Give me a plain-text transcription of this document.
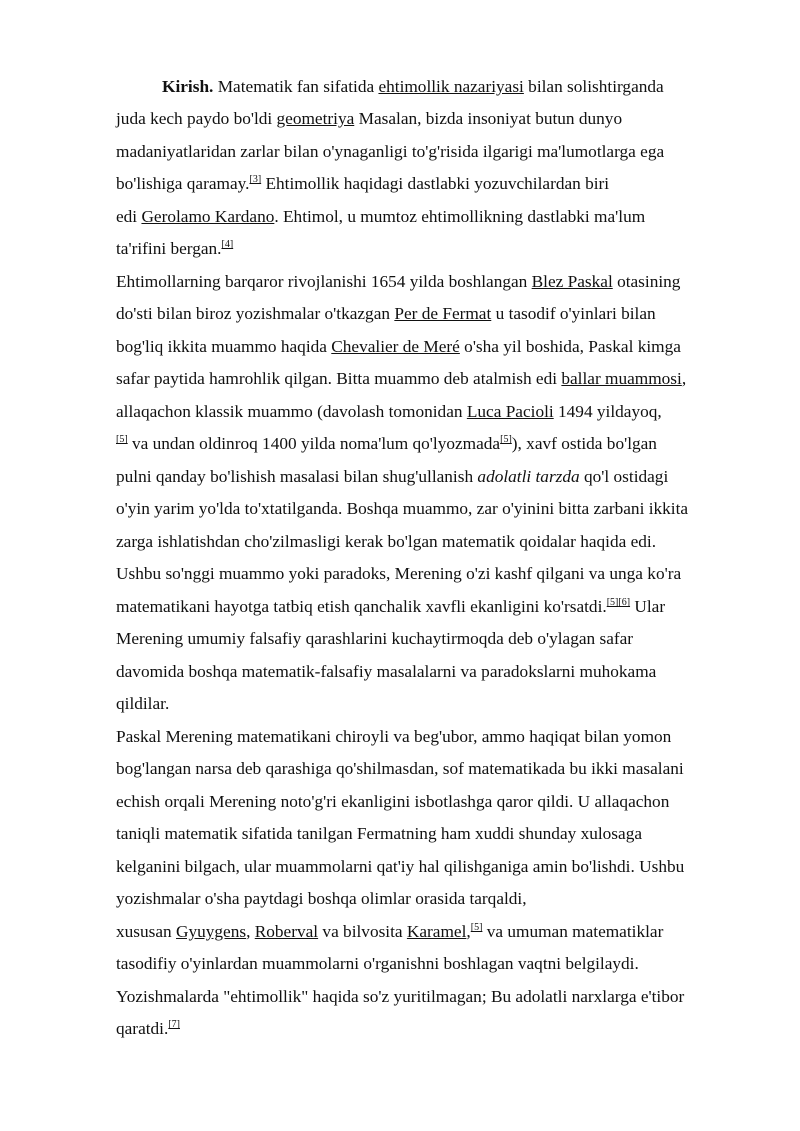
Kirish. Matematik fan sifatida ehtimollik nazariyasi bilan solishtirganda
juda kech paydo bo'ldi geometriya Masalan, bizda insoniyat butun dunyo
madaniyatlaridan zarlar bilan o'ynaganligi to'g'risida ilgarigi ma'lumotlarga ega
bo'lishiga qaramay.[3] Ehtimollik haqidagi dastlabki yozuvchilardan biri
edi Gerolamo Kardano. Ehtimol, u mumtoz ehtimollikning dastlabki ma'lum
ta'rifini bergan.[4]
Ehtimollarning barqaror rivojlanishi 1654 yilda boshlangan Blez Paskal otasining
do'sti bilan biroz yozishmalar o'tkazgan Per de Fermat u tasodif o'yinlari bilan
bog'liq ikkita muammo haqida Chevalier de Meré o'sha yil boshida, Paskal kimga
safar paytida hamrohlik qilgan. Bitta muammo deb atalmish edi ballar muammosi,
allaqachon klassik muammo (davolash tomonidan Luca Pacioli 1494 yildayoq,
[5] va undan oldinroq 1400 yilda noma'lum qo'lyozmada[5]), xavf ostida bo'lgan
pulni qanday bo'lishish masalasi bilan shug'ullanish adolatli tarzda qo'l ostidagi
o'yin yarim yo'lda to'xtatilganda. Boshqa muammo, zar o'yinini bitta zarbani ikkita
zarga ishlatishdan cho'zilmasligi kerak bo'lgan matematik qoidalar haqida edi.
Ushbu so'nggi muammo yoki paradoks, Merening o'zi kashf qilgani va unga ko'ra
matematikani hayotga tatbiq etish qanchalik xavfli ekanligini ko'rsatdi.[5][6] Ular
Merening umumiy falsafiy qarashlarini kuchaytirmoqda deb o'ylagan safar
davomida boshqa matematik-falsafiy masalalarni va paradokslarni muhokama
qildilar.
Paskal Merening matematikani chiroyli va beg'ubor, ammo haqiqat bilan yomon
bog'langan narsa deb qarashiga qo'shilmasdan, sof matematikada bu ikki masalani
echish orqali Merening noto'g'ri ekanligini isbotlashga qaror qildi. U allaqachon
taniqli matematik sifatida tanilgan Fermatning ham xuddi shunday xulosaga
kelganini bilgach, ular muammolarni qat'iy hal qilishganiga amin bo'lishdi. Ushbu
yozishmalar o'sha paytdagi boshqa olimlar orasida tarqaldi,
xususan Gyuygens, Roberval va bilvosita Karamel,[5] va umuman matematiklar
tasodifiy o'yinlardan muammolarni o'rganishni boshlagan vaqtni belgilaydi.
Yozishmalarda "ehtimollik" haqida so'z yuritilmagan; Bu adolatli narxlarga e'tibor
qaratdi.[7]
